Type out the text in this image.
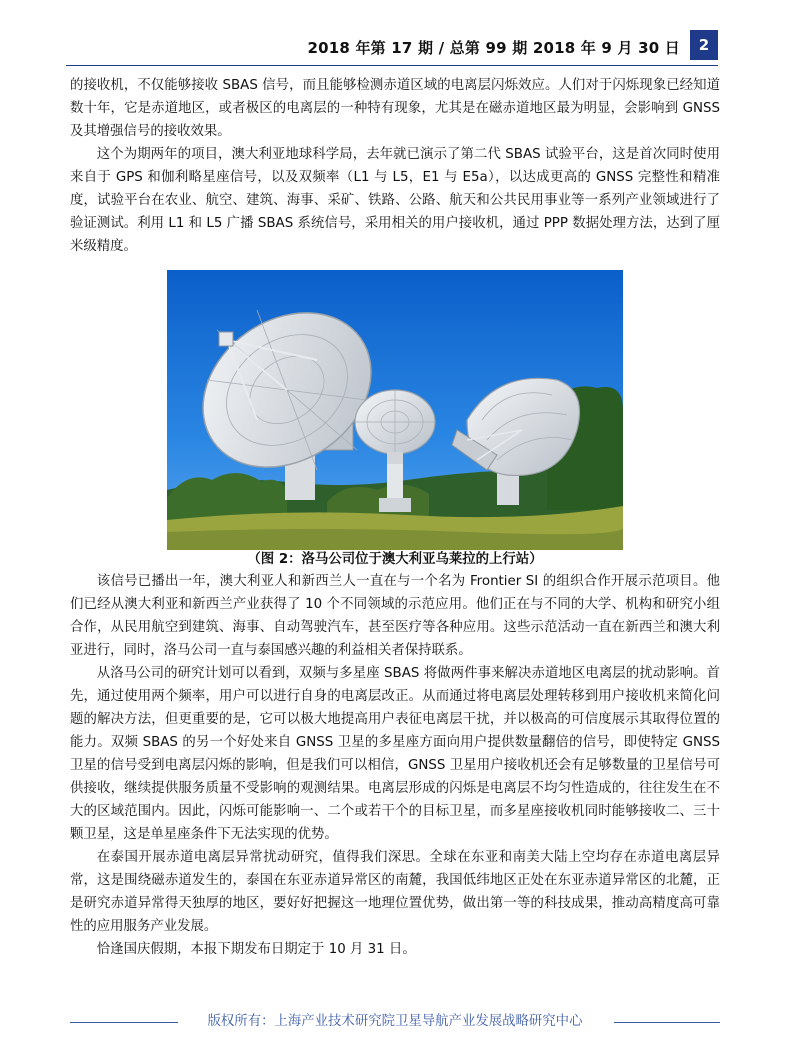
2018 年第 17 期 / 总第 99 期 2018 年 9 月 30 日	2

的接收机，不仅能够接收 SBAS 信号，而且能够检测赤道区域的电离层闪烁效应。人们对于闪烁现象已经知道数十年，它是赤道地区，或者极区的电离层的一种特有现象，尤其是在磁赤道地区最为明显，会影响到 GNSS 及其增强信号的接收效果。

这个为期两年的项目，澳大利亚地球科学局，去年就已演示了第二代 SBAS 试验平台，这是首次同时使用来自于 GPS 和伽利略星座信号，以及双频率（L1 与 L5，E1 与 E5a），以达成更高的 GNSS 完整性和精准度，试验平台在农业、航空、建筑、海事、采矿、铁路、公路、航天和公共民用事业等一系列产业领域进行了验证测试。利用 L1 和 L5 广播 SBAS 系统信号，采用相关的用户接收机，通过 PPP 数据处理方法，达到了厘米级精度。

（图 2：洛马公司位于澳大利亚乌莱拉的上行站）

该信号已播出一年，澳大利亚人和新西兰人一直在与一个名为 Frontier SI 的组织合作开展示范项目。他们已经从澳大利亚和新西兰产业获得了 10 个不同领域的示范应用。他们正在与不同的大学、机构和研究小组合作，从民用航空到建筑、海事、自动驾驶汽车，甚至医疗等各种应用。这些示范活动一直在新西兰和澳大利亚进行，同时，洛马公司一直与泰国感兴趣的利益相关者保持联系。

从洛马公司的研究计划可以看到，双频与多星座 SBAS 将做两件事来解决赤道地区电离层的扰动影响。首先，通过使用两个频率，用户可以进行自身的电离层改正。从而通过将电离层处理转移到用户接收机来简化问题的解决方法，但更重要的是，它可以极大地提高用户表征电离层干扰，并以极高的可信度展示其取得位置的能力。双频 SBAS 的另一个好处来自 GNSS 卫星的多星座方面向用户提供数量翻倍的信号，即使特定 GNSS 卫星的信号受到电离层闪烁的影响，但是我们可以相信，GNSS 卫星用户接收机还会有足够数量的卫星信号可供接收，继续提供服务质量不受影响的观测结果。电离层形成的闪烁是电离层不均匀性造成的，往往发生在不大的区域范围内。因此，闪烁可能影响一、二个或若干个的目标卫星，而多星座接收机同时能够接收二、三十颗卫星，这是单星座条件下无法实现的优势。

在泰国开展赤道电离层异常扰动研究，值得我们深思。全球在东亚和南美大陆上空均存在赤道电离层异常，这是围绕磁赤道发生的，泰国在东亚赤道异常区的南麓，我国低纬地区正处在东亚赤道异常区的北麓，正是研究赤道异常得天独厚的地区，要好好把握这一地理位置优势，做出第一等的科技成果，推动高精度高可靠性的应用服务产业发展。

恰逢国庆假期，本报下期发布日期定于 10 月 31 日。

版权所有：上海产业技术研究院卫星导航产业发展战略研究中心
